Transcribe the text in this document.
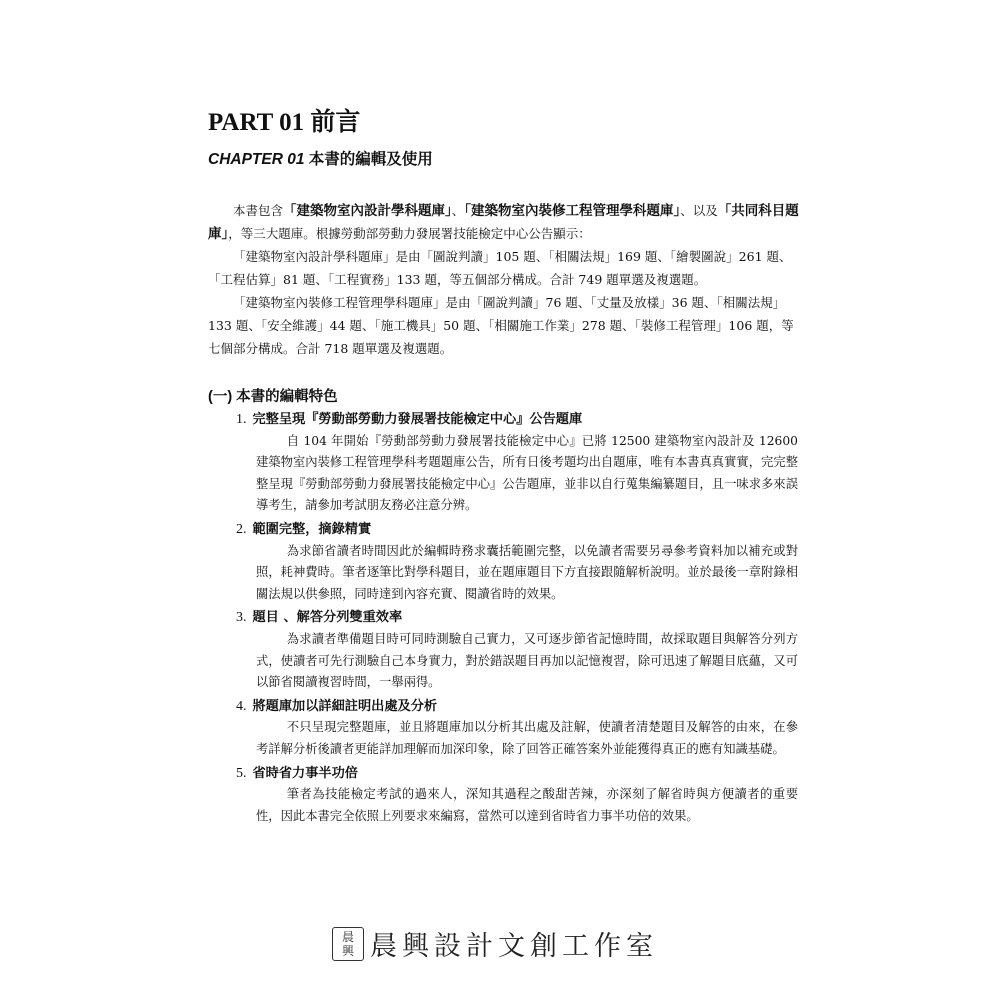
PART 01 前言
CHAPTER 01 本書的編輯及使用

本書包含「建築物室內設計學科題庫」、「建築物室內裝修工程管理學科題庫」、以及「共同科目題庫」，等三大題庫。根據勞動部勞動力發展署技能檢定中心公告顯示：

「建築物室內設計學科題庫」是由「圖說判讀」105 題、「相關法規」169 題、「繪製圖說」261 題、「工程估算」81 題、「工程實務」133 題，等五個部分構成。合計 749 題單選及複選題。

「建築物室內裝修工程管理學科題庫」是由「圖說判讀」76 題、「丈量及放樣」36 題、「相關法規」133 題、「安全維護」44 題、「施工機具」50 題、「相關施工作業」278 題、「裝修工程管理」106 題，等七個部分構成。合計 718 題單選及複選題。

(一) 本書的編輯特色
1. 完整呈現『勞動部勞動力發展署技能檢定中心』公告題庫

自 104 年開始『勞動部勞動力發展署技能檢定中心』已將 12500 建築物室內設計及 12600 建築物室內裝修工程管理學科考題題庫公告，所有日後考題均出自題庫，唯有本書真真實實，完完整整呈現『勞動部勞動力發展署技能檢定中心』公告題庫，並非以自行蒐集編纂題目，且一味求多來誤導考生，請參加考試朋友務必注意分辨。

2. 範圍完整，摘錄精實

為求節省讀者時間因此於編輯時務求囊括範圍完整，以免讀者需要另尋參考資料加以補充或對照，耗神費時。筆者逐筆比對學科題目，並在題庫題目下方直接跟隨解析說明。並於最後一章附錄相關法規以供參照，同時達到內容充實、閱讀省時的效果。

3. 題目 、解答分列雙重效率

為求讀者準備題目時可同時測驗自己實力，又可逐步節省記憶時間，故採取題目與解答分列方式，使讀者可先行測驗自己本身實力，對於錯誤題目再加以記憶複習，除可迅速了解題目底蘊，又可以節省閱讀複習時間，一舉兩得。

4. 將題庫加以詳細註明出處及分析

不只呈現完整題庫，並且將題庫加以分析其出處及註解，使讀者清楚題目及解答的由來，在參考詳解分析後讀者更能詳加理解而加深印象，除了回答正確答案外並能獲得真正的應有知識基礎。

5. 省時省力事半功倍

筆者為技能檢定考試的過來人，深知其過程之酸甜苦辣，亦深刻了解省時與方便讀者的重要性，因此本書完全依照上列要求來編寫，當然可以達到省時省力事半功倍的效果。

晨
興 晨興設計文創工作室
